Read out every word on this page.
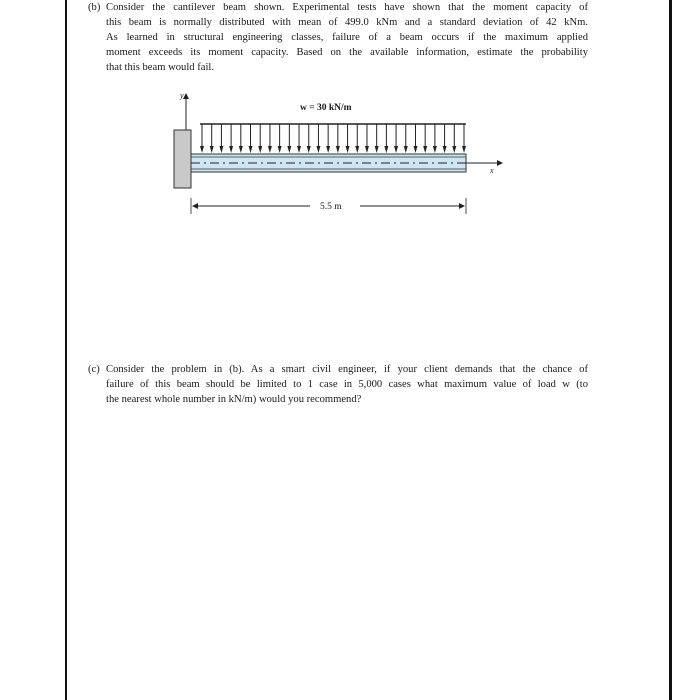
(b) Consider the cantilever beam shown. Experimental tests have shown that the moment capacity of
this beam is normally distributed with mean of 499.0 kNm and a standard deviation of 42 kNm.
As learned in structural engineering classes, failure of a beam occurs if the maximum applied
moment exceeds its moment capacity. Based on the available information, estimate the probability
that this beam would fail.
w = 30 kN/m
5.5 m
y
x
(c) Consider the problem in (b). As a smart civil engineer, if your client demands that the chance of
failure of this beam should be limited to 1 case in 5,000 cases what maximum value of load w (to
the nearest whole number in kN/m) would you recommend?
